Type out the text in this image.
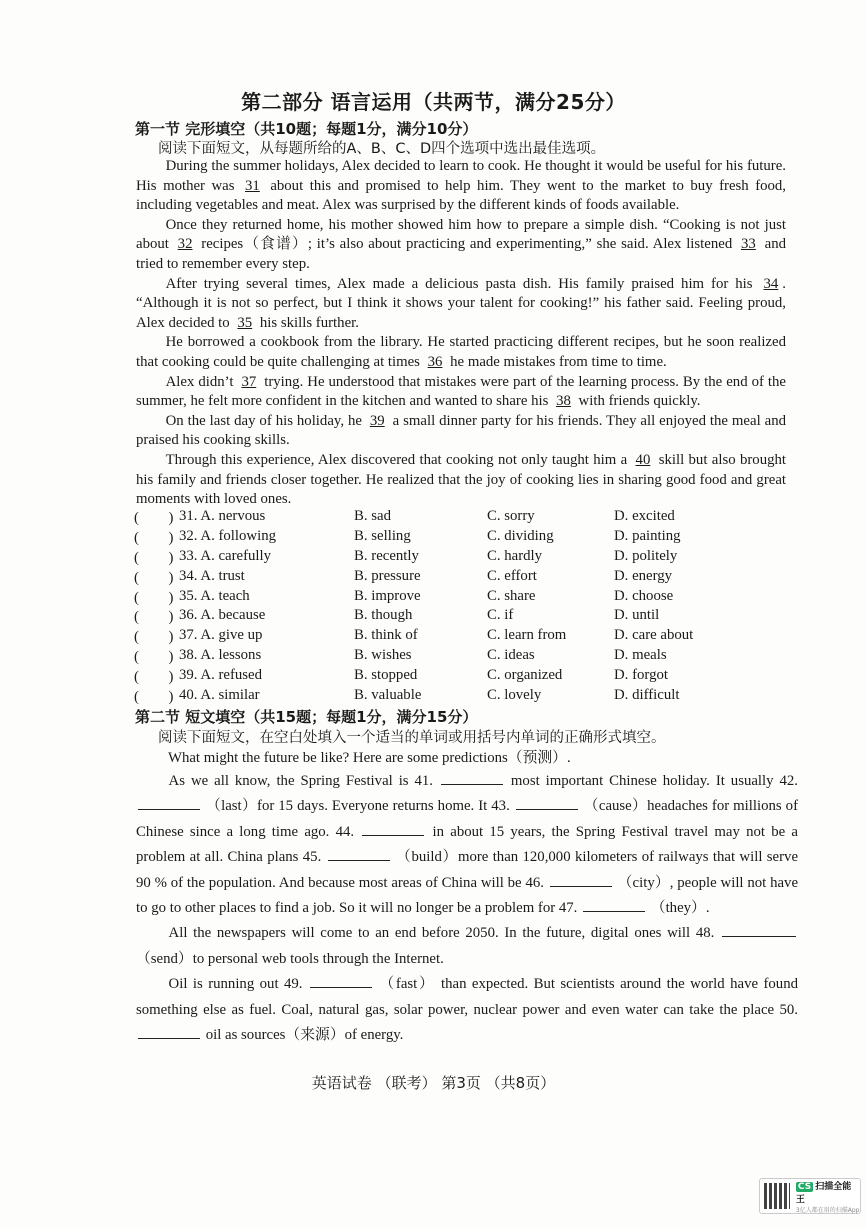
第二部分 语言运用（共两节，满分25分）
第一节 完形填空（共10题；每题1分，满分10分）
阅读下面短文，从每题所给的A、B、C、D四个选项中选出最佳选项。

During the summer holidays, Alex decided to learn to cook. He thought it would be useful for his future. His mother was 31 about this and promised to help him. They went to the market to buy fresh food, including vegetables and meat. Alex was surprised by the different kinds of foods available.

Once they returned home, his mother showed him how to prepare a simple dish. “Cooking is not just about 32 recipes（食谱）; it’s also about practicing and experimenting,” she said. Alex listened 33 and tried to remember every step.

After trying several times, Alex made a delicious pasta dish. His family praised him for his 34 . “Although it is not so perfect, but I think it shows your talent for cooking!” his father said. Feeling proud, Alex decided to 35 his skills further.

He borrowed a cookbook from the library. He started practicing different recipes, but he soon realized that cooking could be quite challenging at times 36 he made mistakes from time to time.

Alex didn’t 37 trying. He understood that mistakes were part of the learning process. By the end of the summer, he felt more confident in the kitchen and wanted to share his 38 with friends quickly.

On the last day of his holiday, he 39 a small dinner party for his friends. They all enjoyed the meal and praised his cooking skills.

Through this experience, Alex discovered that cooking not only taught him a 40 skill but also brought his family and friends closer together. He realized that the joy of cooking lies in sharing good food and great moments with loved ones.

(　　) 31. A. nervous	B. sad	C. sorry	D. excited
(　　) 32. A. following	B. selling	C. dividing	D. painting
(　　) 33. A. carefully	B. recently	C. hardly	D. politely
(　　) 34. A. trust	B. pressure	C. effort	D. energy
(　　) 35. A. teach	B. improve	C. share	D. choose
(　　) 36. A. because	B. though	C. if	D. until
(　　) 37. A. give up	B. think of	C. learn from	D. care about
(　　) 38. A. lessons	B. wishes	C. ideas	D. meals
(　　) 39. A. refused	B. stopped	C. organized	D. forgot
(　　) 40. A. similar	B. valuable	C. lovely	D. difficult
第二节 短文填空（共15题；每题1分，满分15分）
阅读下面短文，在空白处填入一个适当的单词或用括号内单词的正确形式填空。
What might the future be like? Here are some predictions（预测）.

As we all know, the Spring Festival is 41.	most important Chinese holiday. It usually 42.  （last）for 15 days. Everyone returns home. It 43.	（cause）headaches for millions of Chinese since a long time ago. 44.	in about 15 years, the Spring Festival travel may not be a problem at all. China plans 45.	（build）more than 120,000 kilometers of railways that will serve 90 % of the population. And because most areas of China will be 46.	（city）, people will not have to go to other places to find a job. So it will no longer be a problem for 47.	（they）.

All the newspapers will come to an end before 2050. In the future, digital ones will 48.  （send）to personal web tools through the Internet.

Oil is running out 49.	（fast） than expected. But scientists around the world have found something else as fuel. Coal, natural gas, solar power, nuclear power and even water can take the place 50.  oil as sources（来源）of energy.

英语试卷 （联考） 第3页 （共8页）
CS 扫描全能王
3亿人都在用的扫描App
